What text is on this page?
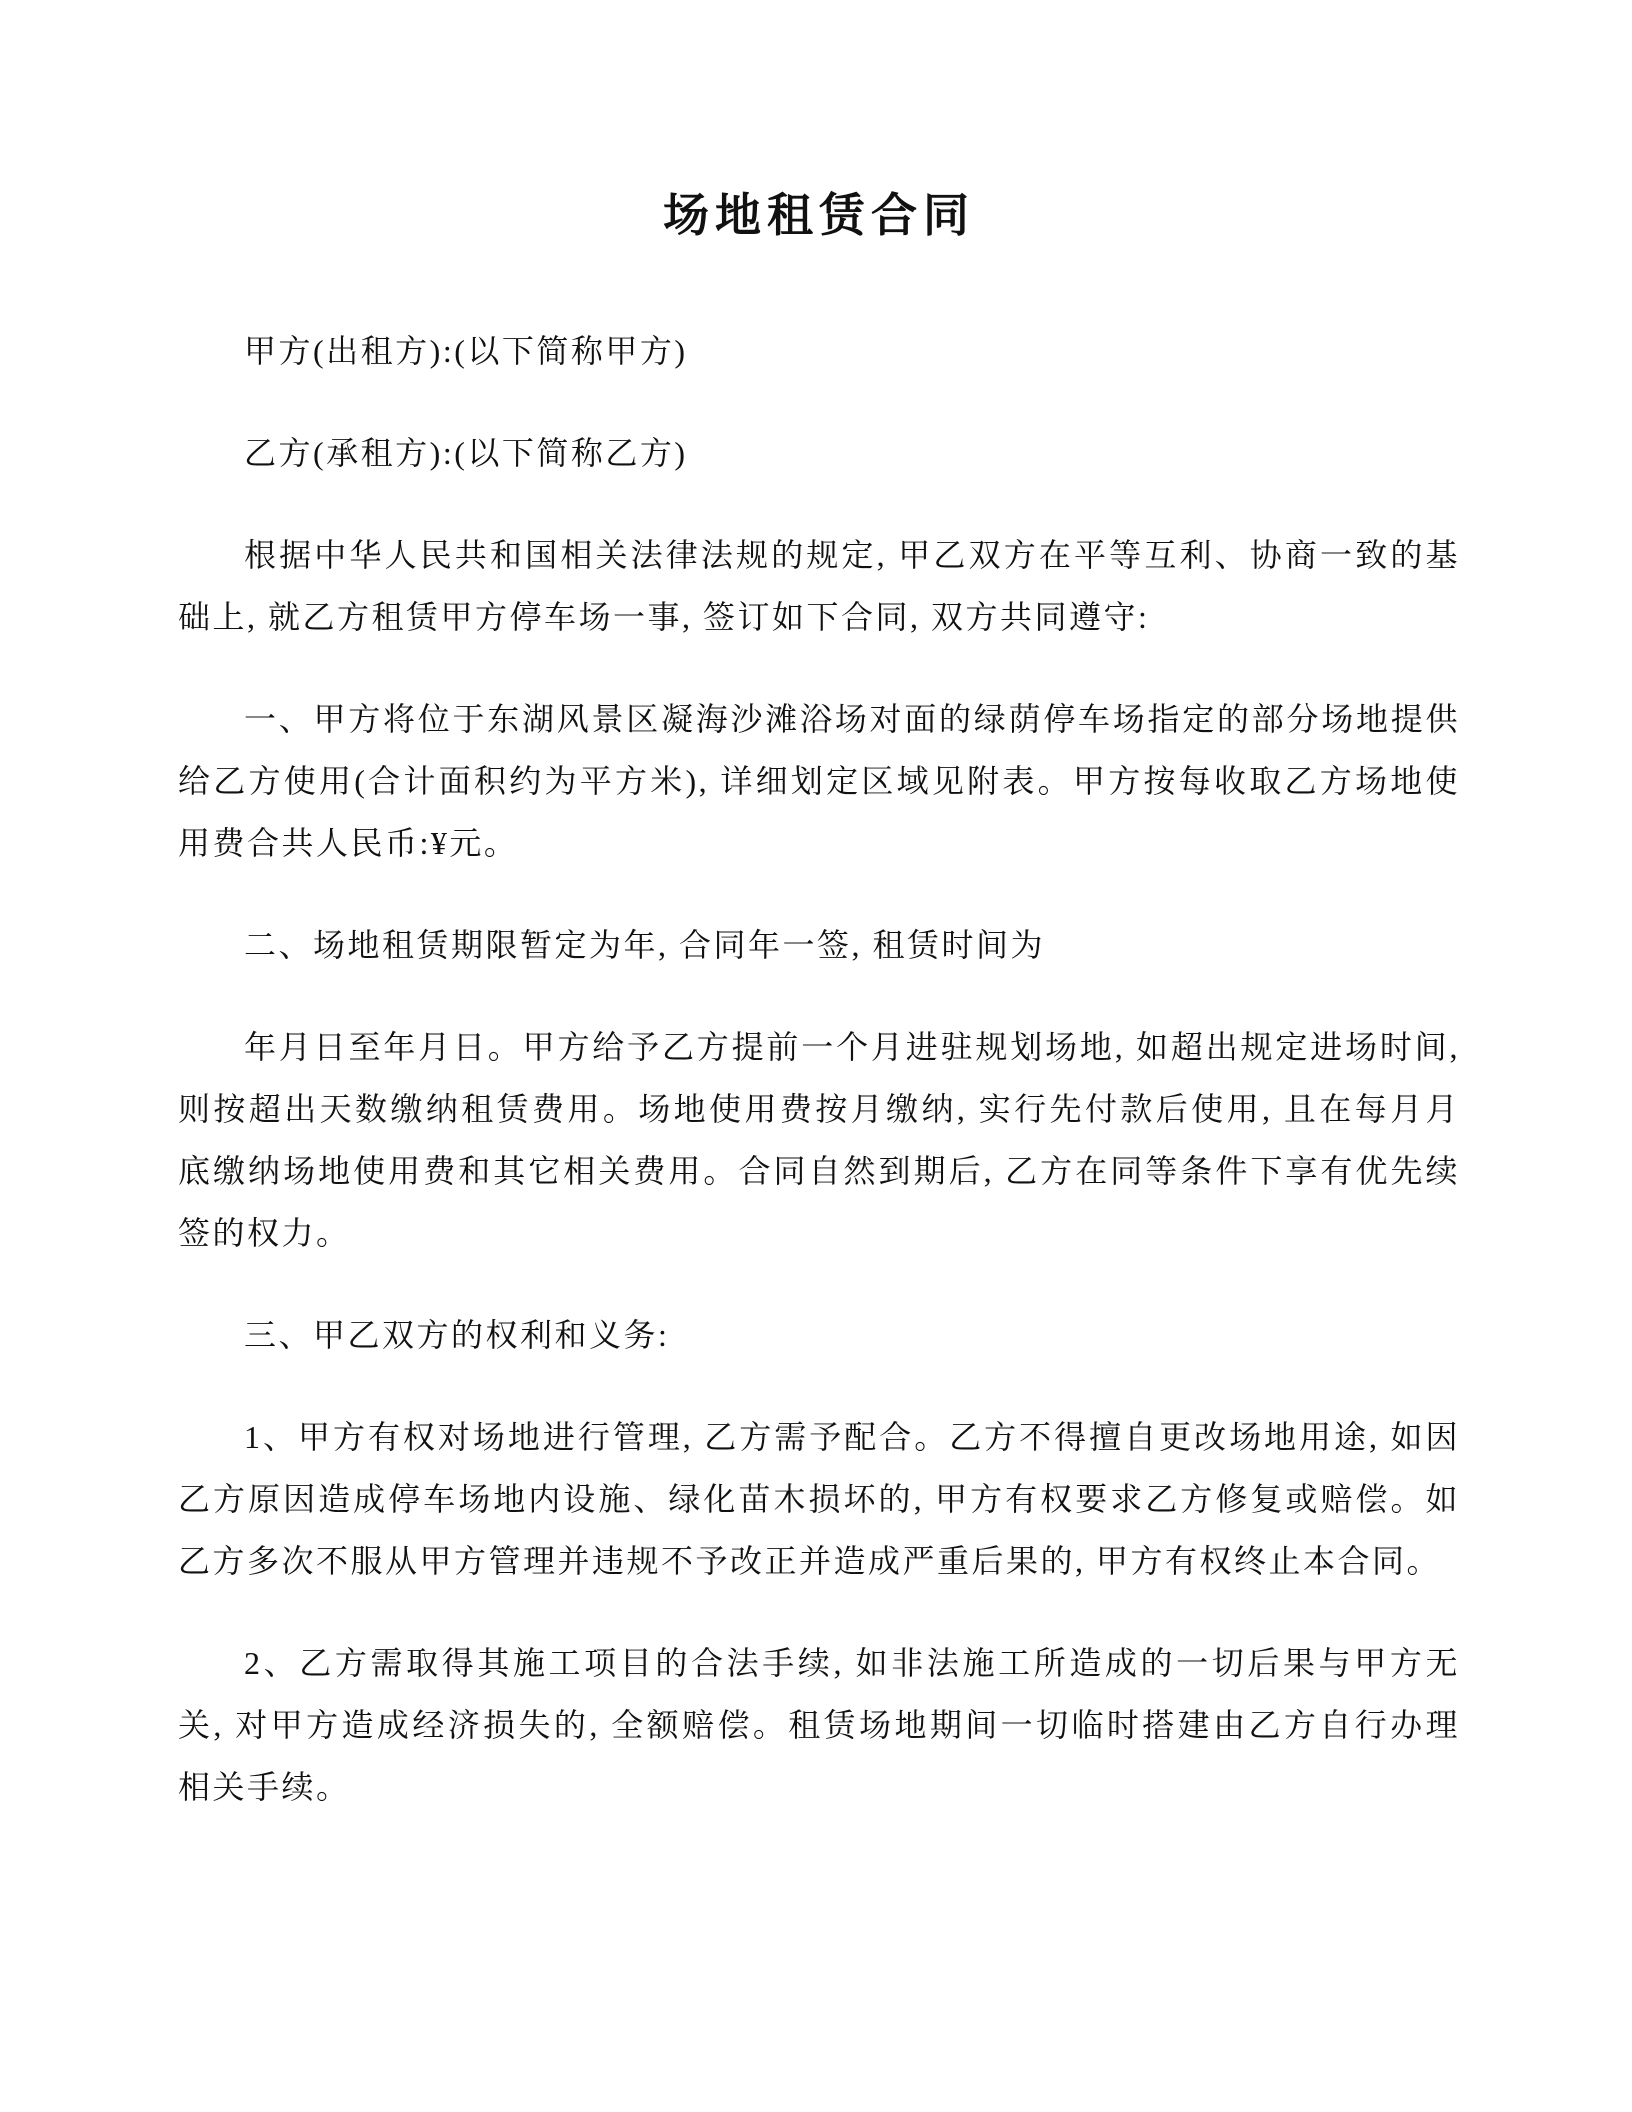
场地租赁合同

甲方(出租方):(以下简称甲方)

乙方(承租方):(以下简称乙方)

根据中华人民共和国相关法律法规的规定, 甲乙双方在平等互利、协商一致的基础上, 就乙方租赁甲方停车场一事, 签订如下合同, 双方共同遵守:

一、甲方将位于东湖风景区凝海沙滩浴场对面的绿荫停车场指定的部分场地提供给乙方使用(合计面积约为平方米), 详细划定区域见附表。甲方按每收取乙方场地使用费合共人民币:¥元。

二、场地租赁期限暂定为年, 合同年一签, 租赁时间为

年月日至年月日。甲方给予乙方提前一个月进驻规划场地, 如超出规定进场时间, 则按超出天数缴纳租赁费用。场地使用费按月缴纳, 实行先付款后使用, 且在每月月底缴纳场地使用费和其它相关费用。合同自然到期后, 乙方在同等条件下享有优先续签的权力。

三、甲乙双方的权利和义务:

1、甲方有权对场地进行管理, 乙方需予配合。乙方不得擅自更改场地用途, 如因乙方原因造成停车场地内设施、绿化苗木损坏的, 甲方有权要求乙方修复或赔偿。如乙方多次不服从甲方管理并违规不予改正并造成严重后果的, 甲方有权终止本合同。

2、乙方需取得其施工项目的合法手续, 如非法施工所造成的一切后果与甲方无关, 对甲方造成经济损失的, 全额赔偿。租赁场地期间一切临时搭建由乙方自行办理相关手续。
